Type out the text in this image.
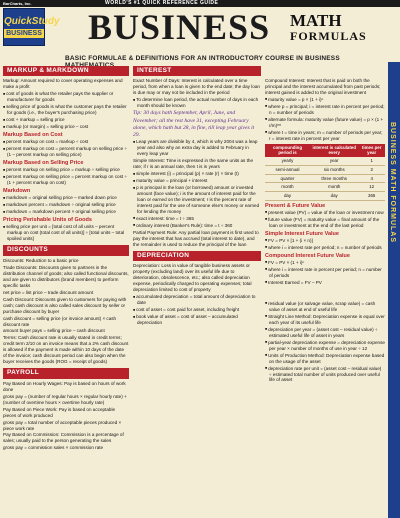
WORLD'S #1 QUICK REFERENCE GUIDE
BarCharts, Inc.

QuickStudy
BUSINESS BUSINESS MATH
FORMULAS
BASIC FORMULAE & DEFINITIONS FOR AN INTRODUCTORY COURSE IN BUSINESS
BUSINESS MATH FORMULAS
MARKUP & MARKDOWN
Markup: Amount required to cover operating expenses and make a profit
■ cost of goods is what the retailer pays the supplier or manufacturer for goods
■ selling price of goods is what the customer pays the retailer for goods (i.e., the buyer's purchasing price)
■ cost + markup = selling price
■ markup (or margin) = selling price – cost
Markup Based on Cost
■ percent markup on cost = markup ÷ cost
■ percent markup on cost = percent markup on selling price ÷ (1 – percent markup on selling price)
Markup Based on Selling Price
■ percent markup on selling price = markup ÷ selling price
■ percent markup on selling price = percent markup on cost ÷ (1 + percent markup on cost)
Markdown
■ markdown = original selling price – marked down price
■ markdown percent = markdown ÷ original selling price
■ markdown = markdown percent × original selling price
Pricing Perishable Units of Goods
■ selling price per unit = [total cost of all units – percent markup on cost (total cost of all units)] ÷ [total units – total spoiled units]
DISCOUNTS
Discounts: Reduction to a basic price
Trade Discounts: Discounts given to partners in the distribution channel of goods; also called functional discounts, and are given to distributors (brand members) to perform specific tasks
net price = list price – trade discount amount
Cash Discount: Discounts given to customers for paying with cash; cash discount is also called sales discount by seller or purchase discount by buyer
cash discount = selling price (or invoice amount) × cash discount rate
amount buyer pays = selling price – cash discount
Terms: Cash discount rate is usually stated in credit terms; credit term 2/10 on an invoice means that a 2% cash discount is allowed if the payment is made within 10 days of the date of the invoice; cash discount period can also begin when the buyer receives the goods (ROG = receipt of goods)
PAYROLL
Pay Based on Hourly Wages: Pay is based on hours of work done
gross pay = (number of regular hours × regular hourly rate) + (number of overtime hours × overtime hourly rate)
Pay Based on Piece Work: Pay is based on acceptable pieces of work produced
gross pay = total number of acceptable pieces produced × piece work rate
Pay Based on Commission: Commission is a percentage of sales; usually paid to the person generating the sales
gross pay = commission sales × commission rate
INTEREST
Exact Number of Days: Interest is calculated over a time period, from when a loan is given to the end date; the day loan is due may or may not be included in the period
■ To determine loan period, the actual number of days in each month should be known
Tip: 30 days hath September, April, June, and November; all the rest have 31, excepting February alone, which hath but 28, in fine, till leap year gives it 29.
■ Leap years are divisible by 4, which is why 2004 was a leap year and also why an extra day is added to February in every leap year
Simple Interest: Time is expressed in the same units as the rate; if r is an annual rate, then t is in years
■ simple interest (i) = principal (p) × rate (r) × time (t)
■ maturity value = principal + interest
■ p is principal in the loan (or borrowed) amount or invested amount (face value); i is the amount of interest paid for the loan or earned on the investment; r is the percent rate of interest paid for the use of someone else's money or earned for lending the money
■ exact interest: time = t ÷ 365
■ ordinary interest (Banker's Rule): time = t ÷ 360
Partial Payment Rule: Any partial loan payment is first used to pay the interest that has accrued (total interest to date), and the remainder is used to reduce the principal of the loan
DEPRECIATION
Depreciation: Loss in value of tangible business assets or property (excluding land) over its useful life due to deterioration, obsolescence, etc.; also called depreciation expense, periodically charged to operating expenses; total depreciation limited to cost of property
■ accumulated depreciation = total amount of depreciation to date
■ cost of asset = cost paid for asset, including freight
■ book value of asset = cost of asset – accumulated depreciation
Compound Interest: Interest that is paid on both the principal and the interest accumulated from past periods; interest gained is added to the original investment
■ maturity value = p × (1 + i)ⁿ
■ where p = principal; i = interest rate in percent per period; n = number of periods
■ alternate formula: maturity value (future value) = p × (1 + r/m)ᵐᵗ
■ where t = time in years; m = number of periods per year; r = interest rate in percent per year
compounding period is	interest is calculated every	times per year
yearly	year	1
semi-annual	six months	2
quarter	three months	4
month	month	12
day	day	365
Present & Future Value
■ present value (PV) = value of the loan or investment now
■ future value (FV) = maturity value = final amount of the loan or investment at the end of the last period
Simple Interest Future Value
■ FV = PV × [1 + (i × n)]
■ where i = interest rate per period; n = number of periods
Compound Interest Future Value
■ FV = PV × (1 + i)ⁿ
■ where i = interest rate in percent per period; n = number of periods
■ Interest Earned = FV – PV
■ residual value (or salvage value, scrap value) = cash value of asset at end of useful life
■ Straight Line Method: Depreciation expense is equal over each year of its useful life
■ depreciation per year = (asset cost – residual value) ÷ estimated useful life of asset in years
■ partial-year depreciation expense = depreciation expense per year × number of months of use in year ÷ 12
■ Units of Production Method: Depreciation expense based on the usage of the asset
■ depreciation rate per unit = (asset cost – residual value) ÷ estimated total number of units produced over useful life of asset
